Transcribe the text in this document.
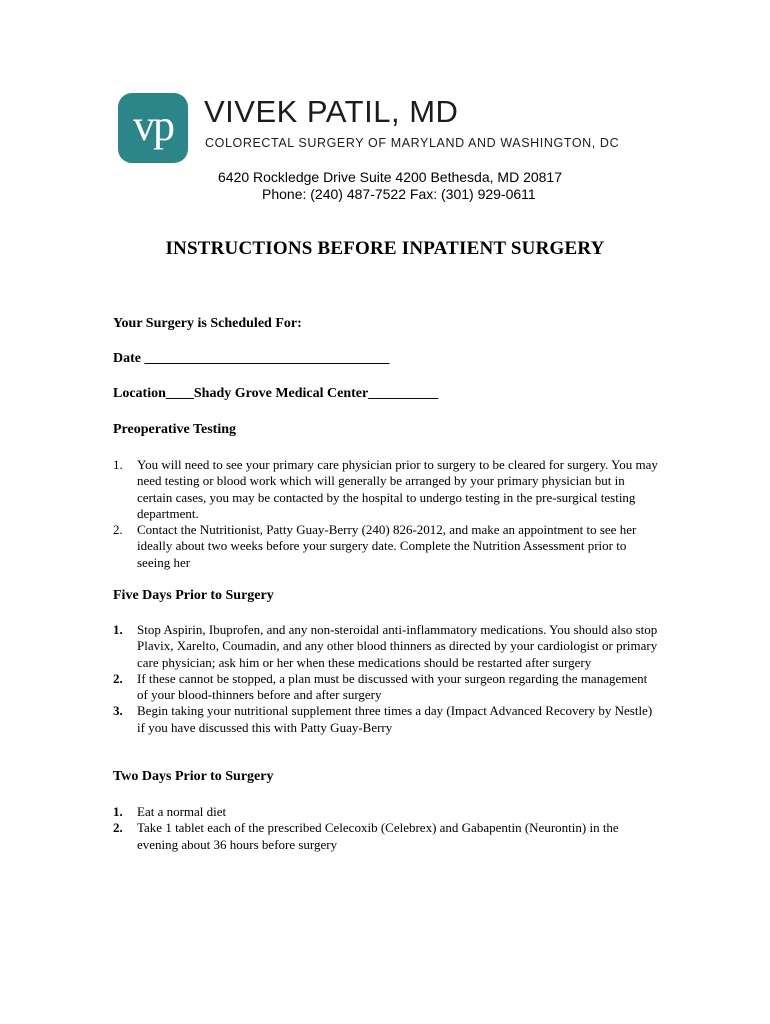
vp VIVEK PATIL, MD
COLORECTAL SURGERY OF MARYLAND AND WASHINGTON, DC
6420 Rockledge Drive Suite 4200 Bethesda, MD 20817
Phone: (240) 487-7522 Fax: (301) 929-0611
INSTRUCTIONS BEFORE INPATIENT SURGERY
Your Surgery is Scheduled For:
Date ___________________________________
Location____Shady Grove Medical Center__________
Preoperative Testing
1. You will need to see your primary care physician prior to surgery to be cleared for surgery. You may need testing or blood work which will generally be arranged by your primary physician but in certain cases, you may be contacted by the hospital to undergo testing in the pre-surgical testing department.
2. Contact the Nutritionist, Patty Guay-Berry (240) 826-2012, and make an appointment to see her ideally about two weeks before your surgery date. Complete the Nutrition Assessment prior to seeing her
Five Days Prior to Surgery
1. Stop Aspirin, Ibuprofen, and any non-steroidal anti-inflammatory medications. You should also stop Plavix, Xarelto, Coumadin, and any other blood thinners as directed by your cardiologist or primary care physician; ask him or her when these medications should be restarted after surgery
2. If these cannot be stopped, a plan must be discussed with your surgeon regarding the management of your blood-thinners before and after surgery
3. Begin taking your nutritional supplement three times a day (Impact Advanced Recovery by Nestle) if you have discussed this with Patty Guay-Berry
Two Days Prior to Surgery
1. Eat a normal diet
2. Take 1 tablet each of the prescribed Celecoxib (Celebrex) and Gabapentin (Neurontin) in the evening about 36 hours before surgery
